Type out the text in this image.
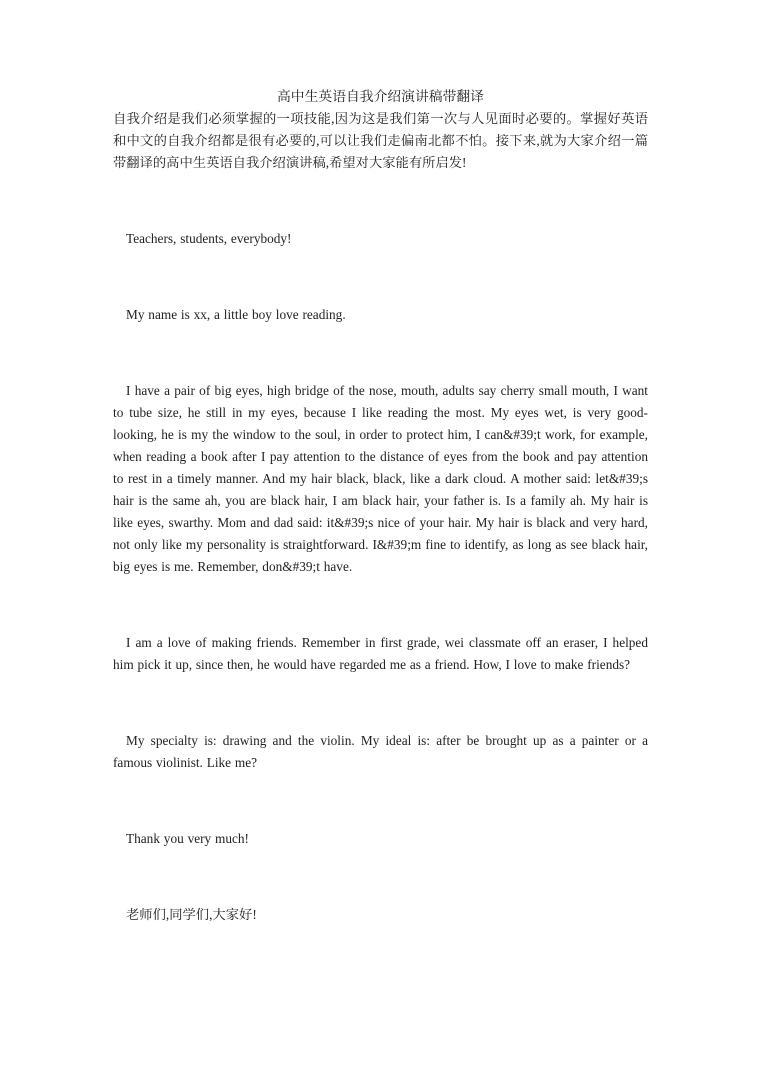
高中生英语自我介绍演讲稿带翻译

自我介绍是我们必须掌握的一项技能,因为这是我们第一次与人见面时必要的。掌握好英语和中文的自我介绍都是很有必要的,可以让我们走偏南北都不怕。接下来,就为大家介绍一篇带翻译的高中生英语自我介绍演讲稿,希望对大家能有所启发!

Teachers, students, everybody!

My name is xx, a little boy love reading.

I have a pair of big eyes, high bridge of the nose, mouth, adults say cherry small mouth, I want to tube size, he still in my eyes, because I like reading the most. My eyes wet, is very good-looking, he is my the window to the soul, in order to protect him, I can&#39;t work, for example, when reading a book after I pay attention to the distance of eyes from the book and pay attention to rest in a timely manner. And my hair black, black, like a dark cloud. A mother said: let&#39;s hair is the same ah, you are black hair, I am black hair, your father is. Is a family ah. My hair is like eyes, swarthy. Mom and dad said: it&#39;s nice of your hair. My hair is black and very hard, not only like my personality is straightforward. I&#39;m fine to identify, as long as see black hair, big eyes is me. Remember, don&#39;t have.

I am a love of making friends. Remember in first grade, wei classmate off an eraser, I helped him pick it up, since then, he would have regarded me as a friend. How, I love to make friends?

My specialty is: drawing and the violin. My ideal is: after be brought up as a painter or a famous violinist. Like me?

Thank you very much!

老师们,同学们,大家好!
